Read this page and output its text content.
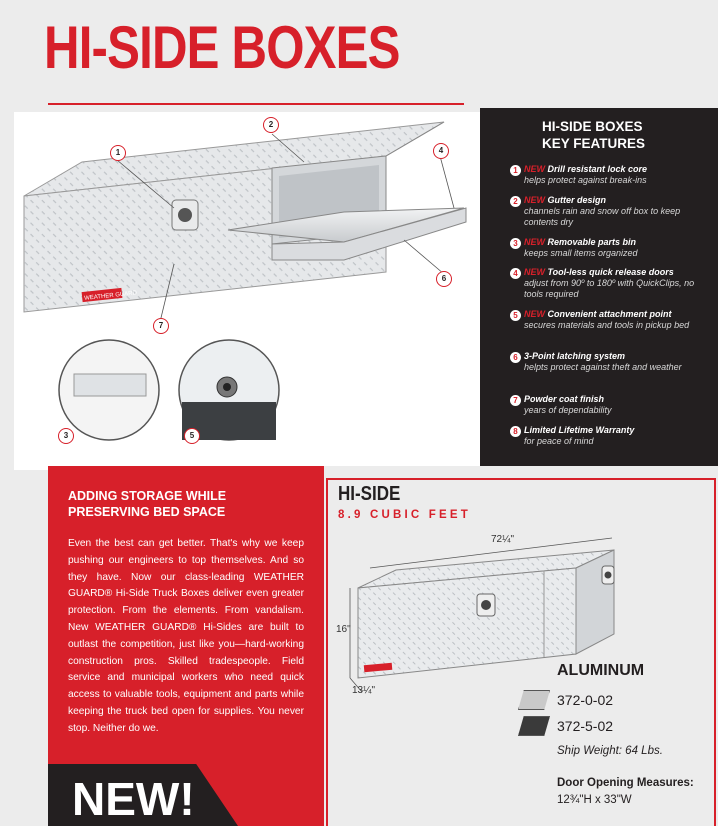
HI-SIDE BOXES
WEATHER GUARD
1
2
4
6
7
3	5
HI-SIDE BOXES
KEY FEATURES
1 NEW Drill resistant lock core
helps protect against break-ins
2 NEW Gutter design
channels rain and snow off box to keep contents dry
3 NEW Removable parts bin
keeps small items organized
4 NEW Tool-less quick release doors
adjust from 90º to 180º with QuickClips, no tools required
5 NEW Convenient attachment point
secures materials and tools in pickup bed
6 3-Point latching system
helpts protect against theft and weather
7 Powder coat finish
years of dependability
8 Limited Lifetime Warranty
for peace of mind
ADDING STORAGE WHILE
PRESERVING BED SPACE
Even the best can get better. That's why we keep pushing our engineers to top themselves. And so they have. Now our class-leading WEATHER GUARD® Hi-Side Truck Boxes deliver even greater protection. From the elements. From vandalism. New WEATHER GUARD® Hi-Sides are built to outlast the competition, just like you—hard-working construction pros. Skilled tradespeople. Field service and municipal workers who need quick access to valuable tools, equipment and parts while keeping the truck bed open for supplies. You never stop. Neither do we.
NEW!
HI-SIDE
8.9 CUBIC FEET
72¼"
16"
13¼"
ALUMINUM
372-0-02
372-5-02
Ship Weight: 64 Lbs.
Door Opening Measures:
12¾"H x 33"W
